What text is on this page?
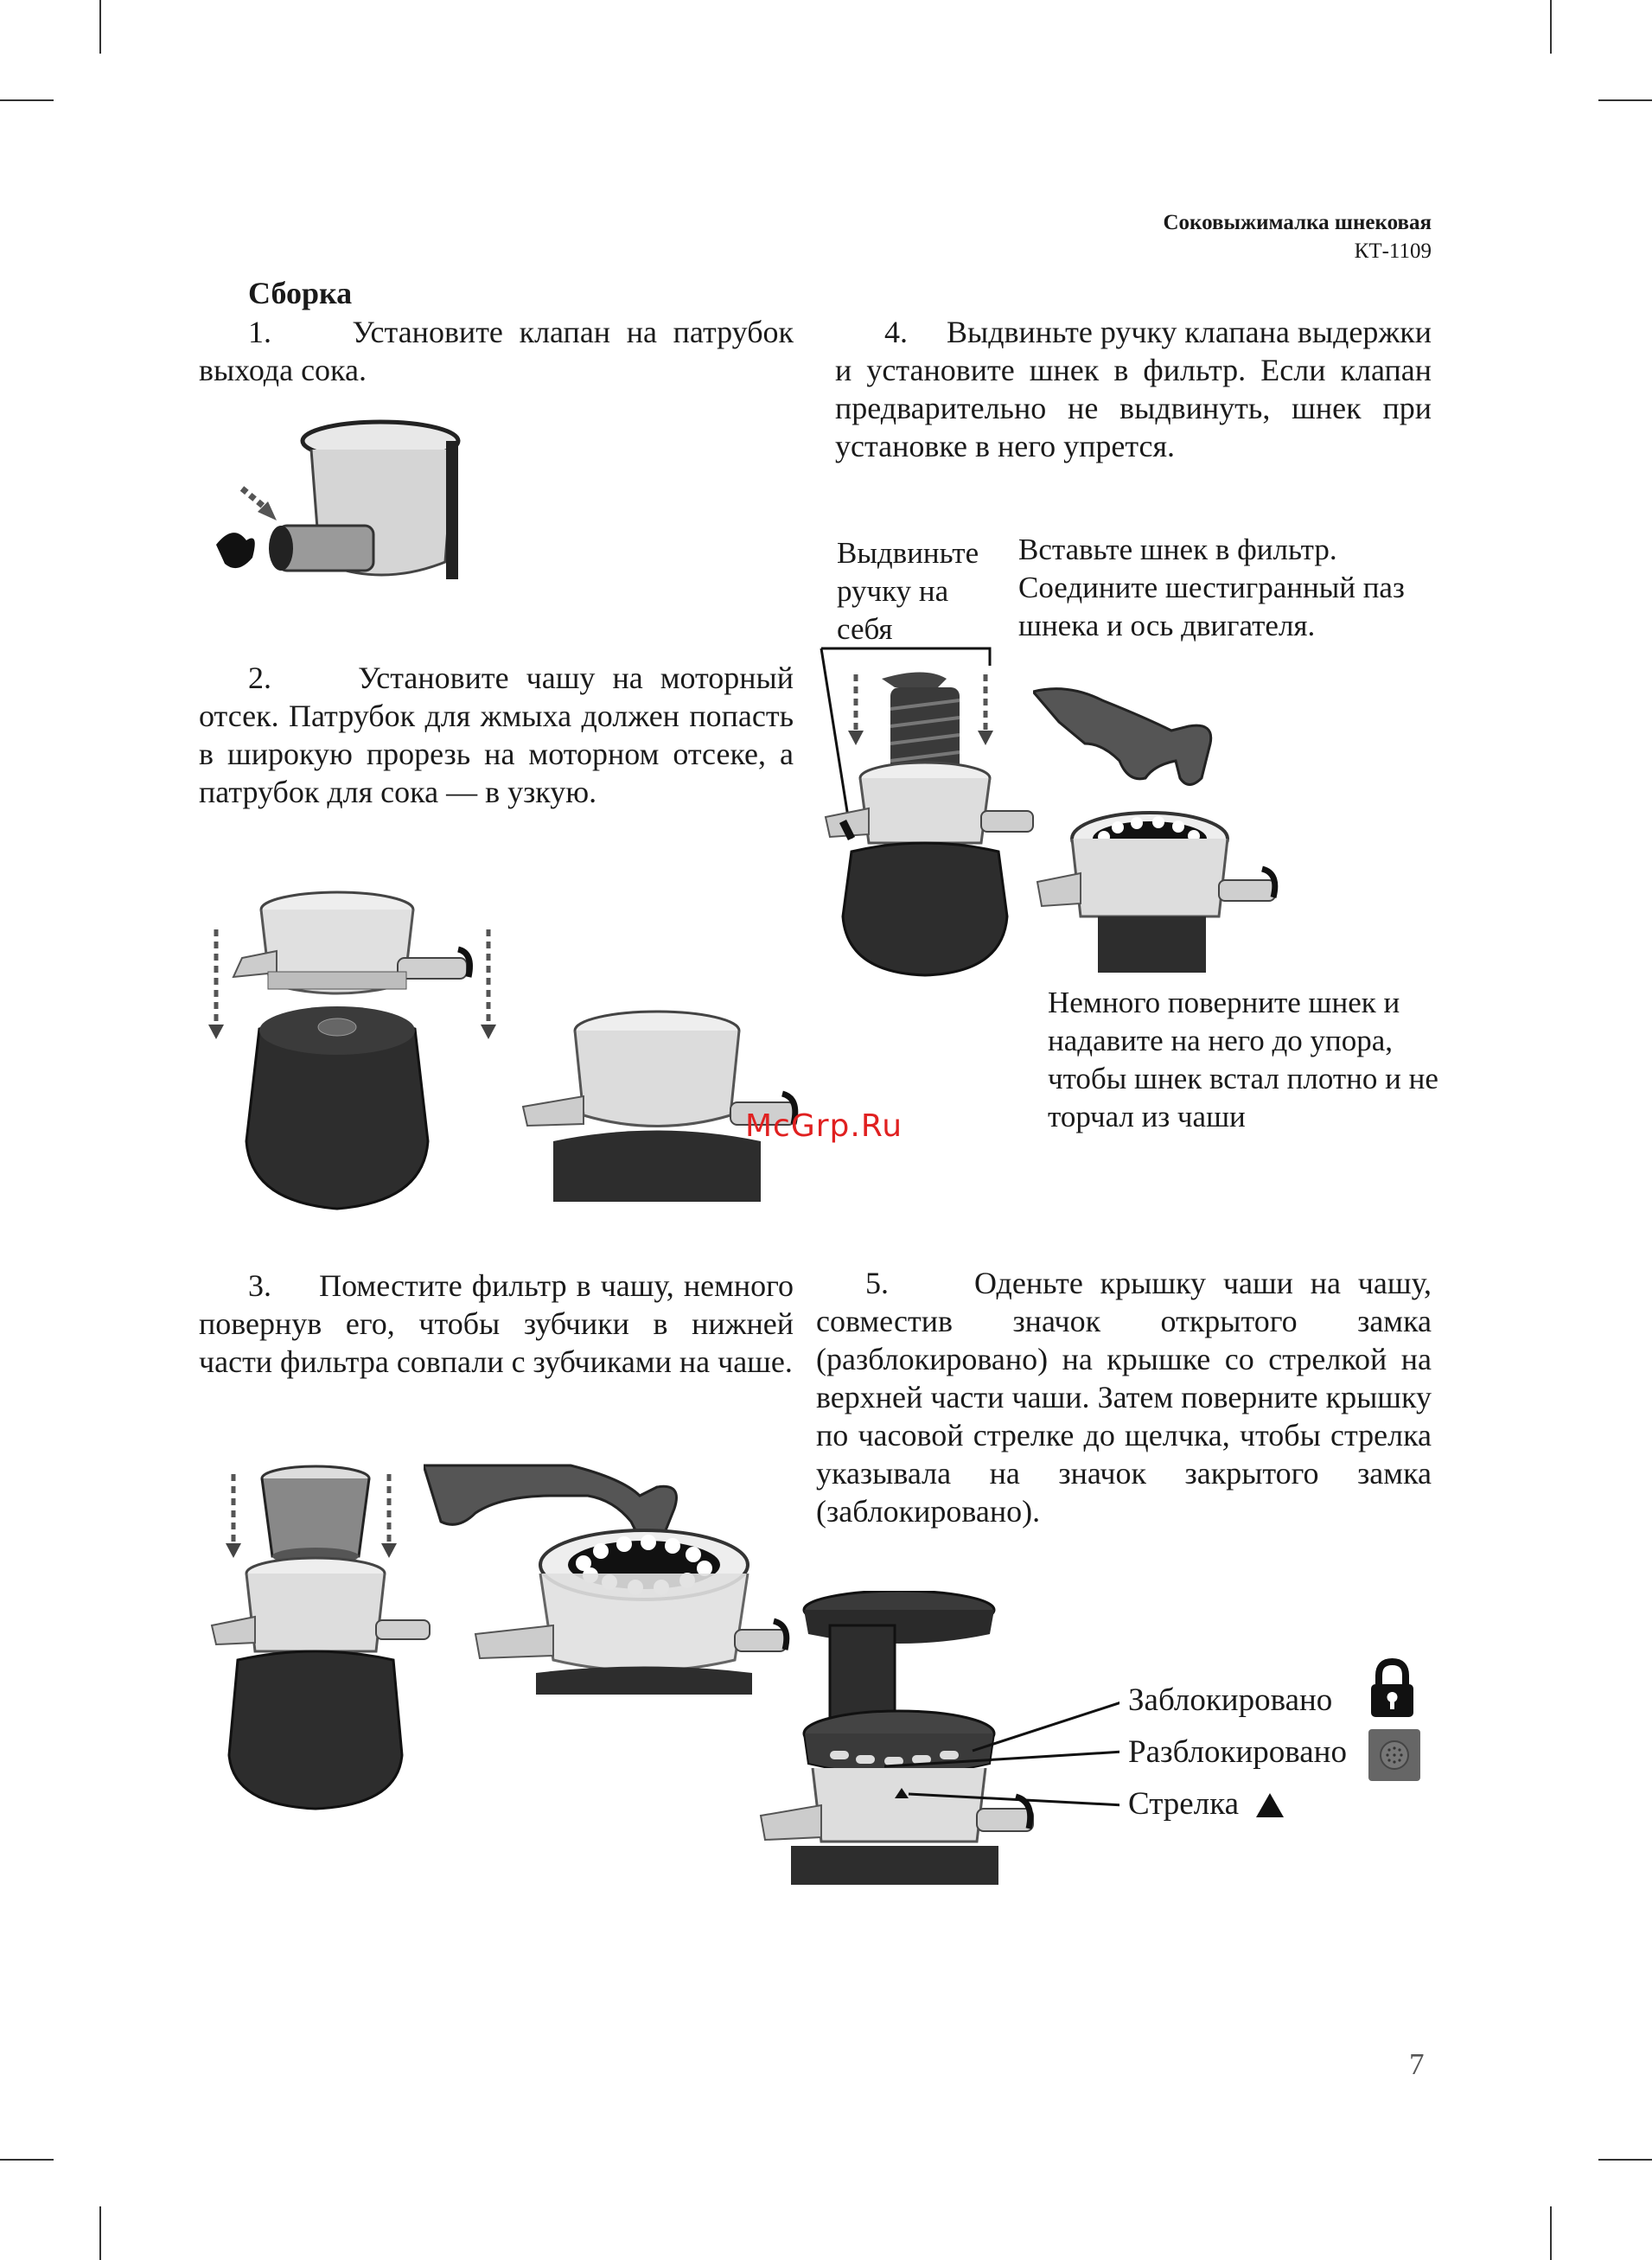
Соковыжималка шнековая
КТ-1109
Сборка
1.     Установите клапан на патрубок выхода сока.
2.     Установите чашу на моторный отсек. Патрубок для жмыха должен попасть в широкую прорезь на моторном отсеке, а патрубок для сока — в узкую.
3.     Поместите фильтр в чашу, немного повернув его, чтобы зубчики в нижней части фильтра совпали с зубчиками на чаше.
4.     Выдвиньте ручку клапана выдержки и установите шнек в фильтр. Если клапан предварительно не выдвинуть, шнек при установке в него упрется.
5.     Оденьте крышку чаши на чашу, совместив значок открытого замка (разблокировано) на крышке со стрелкой на верхней части чаши. Затем поверните крышку по часовой стрелке до щелчка, чтобы стрелка указывала на значок закрытого замка (заблокировано).
Выдвиньте ручку на себя
Вставьте шнек в фильтр. Соедините шестигранный паз шнека и ось двигателя.
Немного поверните шнек и надавите на него до упора, чтобы шнек встал плотно и не торчал из чаши
Заблокировано
Разблокировано
Стрелка
McGrp.Ru
7
